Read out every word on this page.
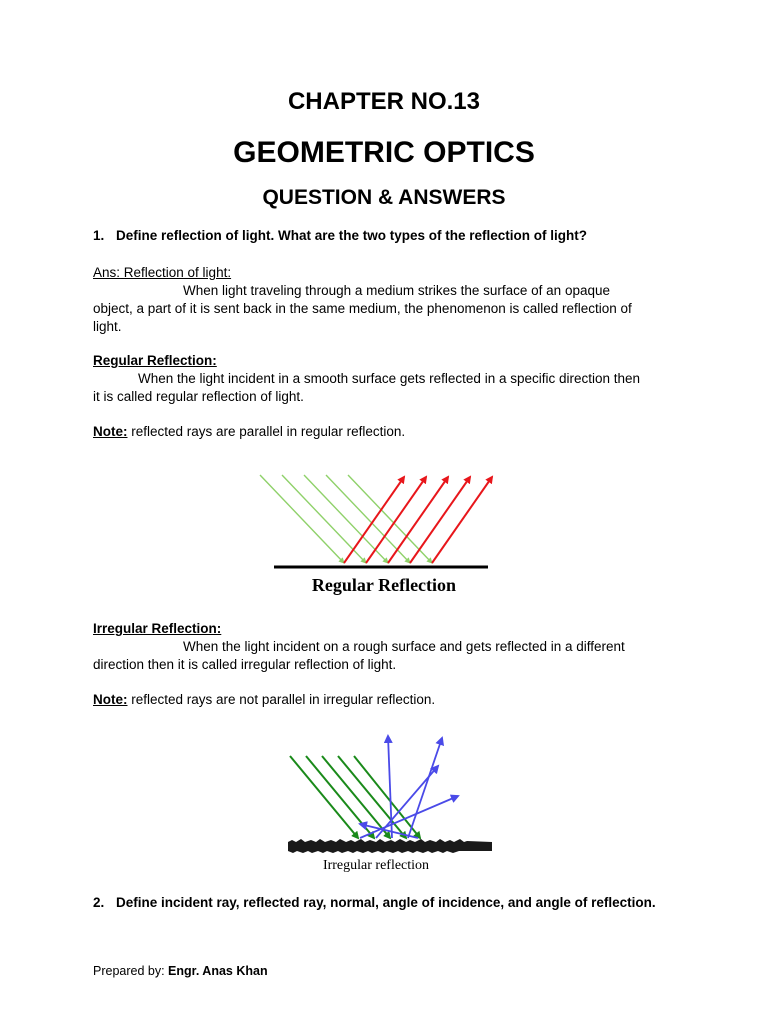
CHAPTER NO.13
GEOMETRIC OPTICS
QUESTION & ANSWERS
1. Define reflection of light. What are the two types of the reflection of light?
Ans: Reflection of light:
When light traveling through a medium strikes the surface of an opaque
object, a part of it is sent back in the same medium, the phenomenon is called reflection of
light.
Regular Reflection:
When the light incident in a smooth surface gets reflected in a specific direction then
it is called regular reflection of light.
Note: reflected rays are parallel in regular reflection.
Regular Reflection
Irregular Reflection:
When the light incident on a rough surface and gets reflected in a different
direction then it is called irregular reflection of light.
Note: reflected rays are not parallel in irregular reflection.
Irregular reflection
2. Define incident ray, reflected ray, normal, angle of incidence, and angle of reflection.
Prepared by: Engr. Anas Khan
